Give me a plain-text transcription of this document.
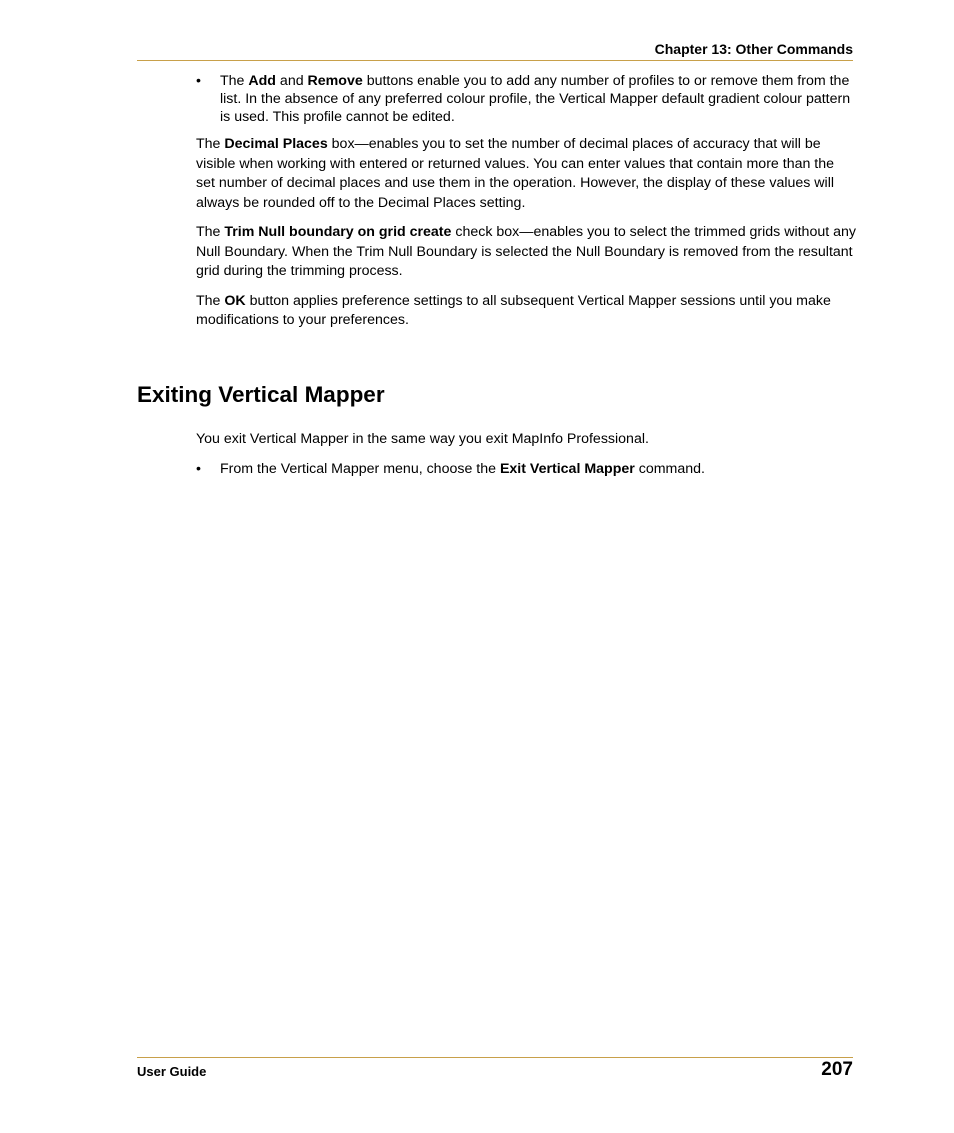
Chapter 13: Other Commands
• The Add and Remove buttons enable you to add any number of profiles to or remove them from the list. In the absence of any preferred colour profile, the Vertical Mapper default gradient colour pattern is used. This profile cannot be edited.

The Decimal Places box—enables you to set the number of decimal places of accuracy that will be visible when working with entered or returned values. You can enter values that contain more than the set number of decimal places and use them in the operation. However, the display of these values will always be rounded off to the Decimal Places setting.

The Trim Null boundary on grid create check box—enables you to select the trimmed grids without any Null Boundary. When the Trim Null Boundary is selected the Null Boundary is removed from the resultant grid during the trimming process.

The OK button applies preference settings to all subsequent Vertical Mapper sessions until you make modifications to your preferences.

Exiting Vertical Mapper

You exit Vertical Mapper in the same way you exit MapInfo Professional.

• From the Vertical Mapper menu, choose the Exit Vertical Mapper command.
User Guide	207
